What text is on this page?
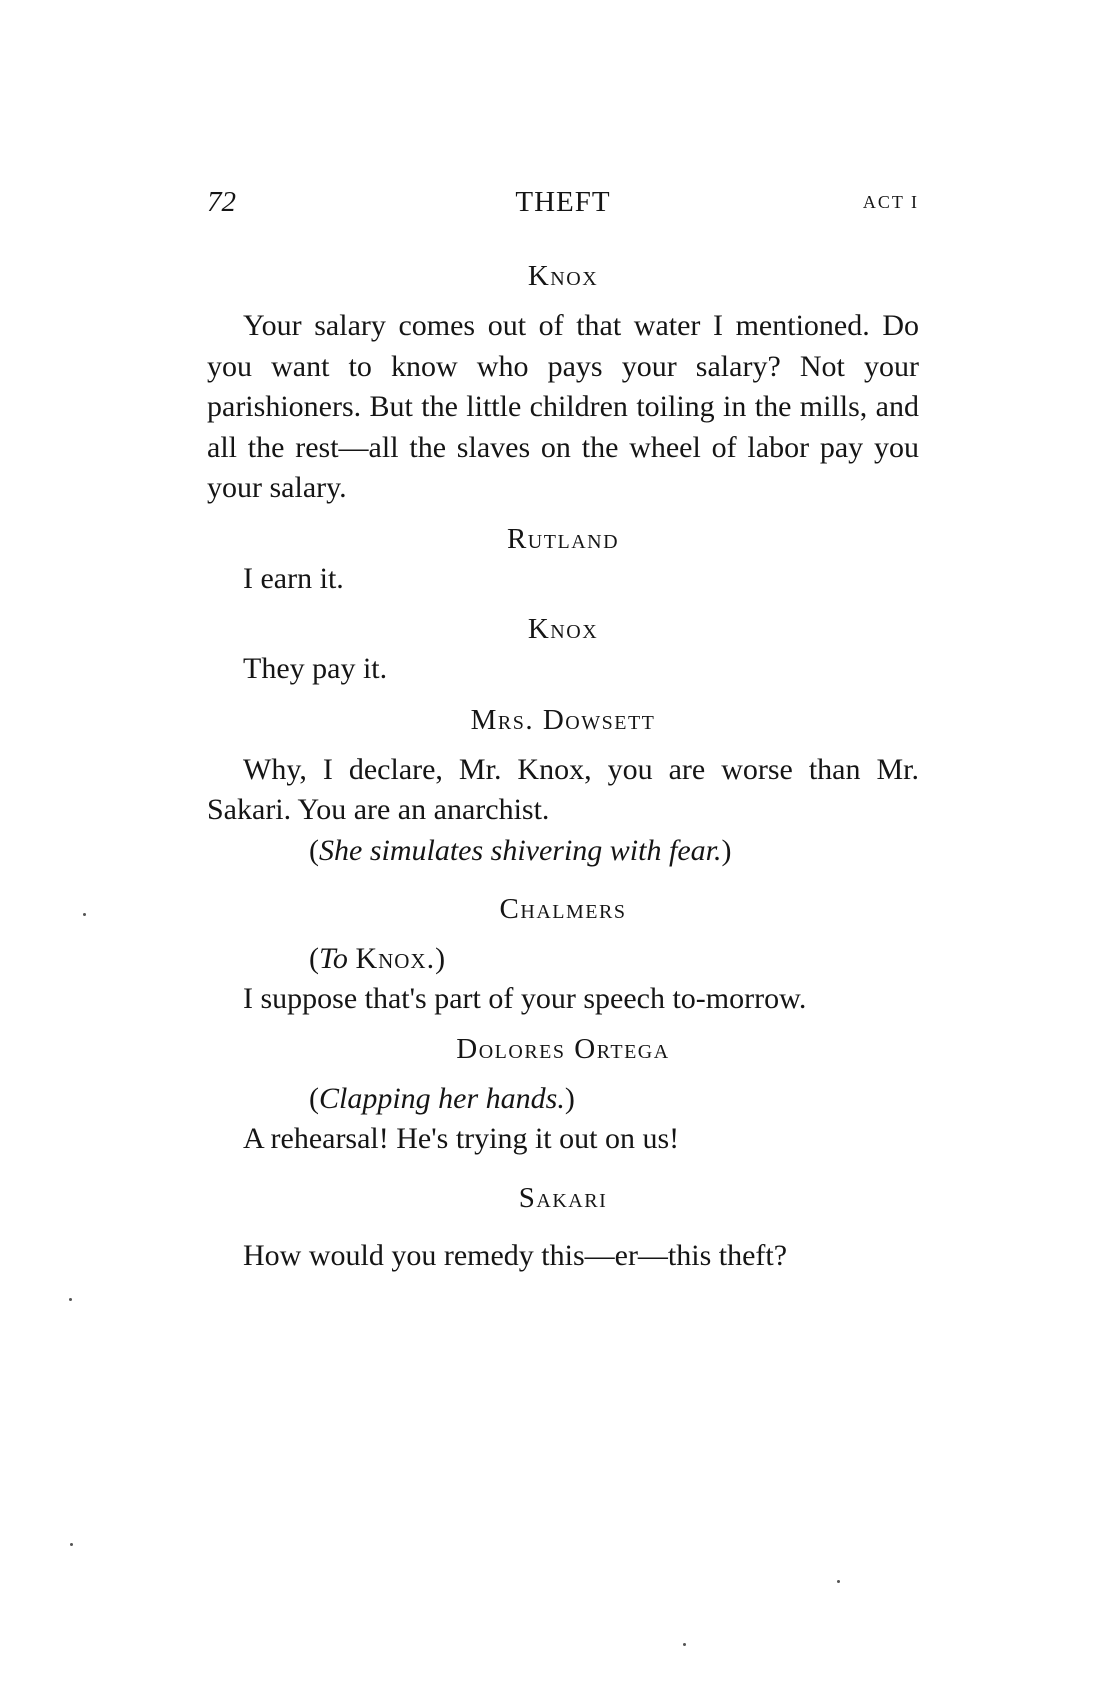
72	THEFT	ACT I

Knox

Your salary comes out of that water I mentioned. Do you want to know who pays your salary? Not your parishioners. But the little children toiling in the mills, and all the rest—all the slaves on the wheel of labor pay you your salary.

Rutland

I earn it.

Knox

They pay it.

Mrs. Dowsett

Why, I declare, Mr. Knox, you are worse than Mr. Sakari. You are an anarchist.

(She simulates shivering with fear.)

Chalmers

(To Knox.)

I suppose that's part of your speech to-morrow.

Dolores Ortega

(Clapping her hands.)

A rehearsal! He's trying it out on us!

Sakari

How would you remedy this—er—this theft?
